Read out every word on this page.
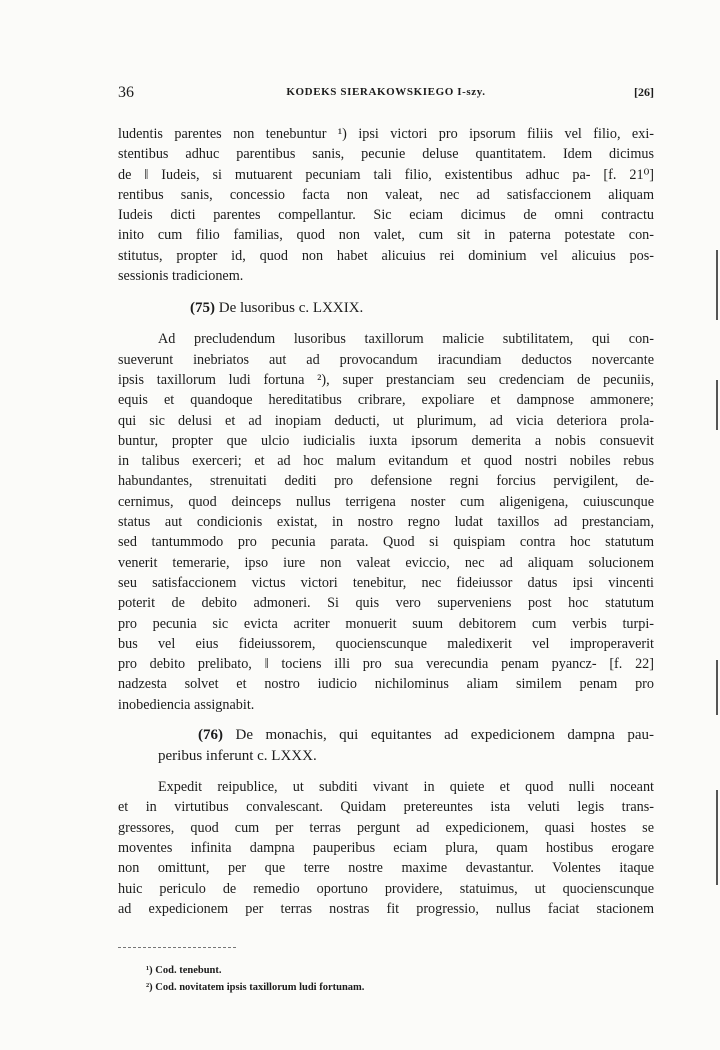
36	KODEKS SIERAKOWSKIEGO I-szy.	[26]
ludentis parentes non tenebuntur ¹) ipsi victori pro ipsorum filiis vel filio, exi-
stentibus adhuc parentibus sanis, pecunie deluse quantitatem. Idem dicimus
de ‖ Iudeis, si mutuarent pecuniam tali filio, existentibus adhuc pa- [f. 21⁰]
rentibus sanis, concessio facta non valeat, nec ad satisfaccionem aliquam
Iudeis dicti parentes compellantur. Sic eciam dicimus de omni contractu
inito cum filio familias, quod non valet, cum sit in paterna potestate con-
stitutus, propter id, quod non habet alicuius rei dominium vel alicuius pos-
sessionis tradicionem.
(75) De lusoribus c. LXXIX.
Ad precludendum lusoribus taxillorum malicie subtilitatem, qui con-
sueverunt inebriatos aut ad provocandum iracundiam deductos novercante
ipsis taxillorum ludi fortuna ²), super prestanciam seu credenciam de pecuniis,
equis et quandoque hereditatibus cribrare, expoliare et dampnose ammonere;
qui sic delusi et ad inopiam deducti, ut plurimum, ad vicia deteriora prola-
buntur, propter que ulcio iudicialis iuxta ipsorum demerita a nobis consuevit
in talibus exerceri; et ad hoc malum evitandum et quod nostri nobiles rebus
habundantes, strenuitati dediti pro defensione regni forcius pervigilent, de-
cernimus, quod deinceps nullus terrigena noster cum aligenigena, cuiuscunque
status aut condicionis existat, in nostro regno ludat taxillos ad prestanciam,
sed tantummodo pro pecunia parata. Quod si quispiam contra hoc statutum
venerit temerarie, ipso iure non valeat eviccio, nec ad aliquam solucionem
seu satisfaccionem victus victori tenebitur, nec fideiussor datus ipsi vincenti
poterit de debito admoneri. Si quis vero superveniens post hoc statutum
pro pecunia sic evicta acriter monuerit suum debitorem cum verbis turpi-
bus vel eius fideiussorem, quocienscunque maledixerit vel improperaverit
pro debito prelibato, ‖ tociens illi pro sua verecundia penam pyancz- [f. 22]
nadzesta solvet et nostro iudicio nichilominus aliam similem penam pro
inobediencia assignabit.
(76) De monachis, qui equitantes ad expedicionem dampna pau-
peribus inferunt c. LXXX.
Expedit reipublice, ut subditi vivant in quiete et quod nulli noceant
et in virtutibus convalescant. Quidam pretereuntes ista veluti legis trans-
gressores, quod cum per terras pergunt ad expedicionem, quasi hostes se
moventes infinita dampna pauperibus eciam plura, quam hostibus erogare
non omittunt, per que terre nostre maxime devastantur. Volentes itaque
huic periculo de remedio oportuno providere, statuimus, ut quocienscunque
ad expedicionem per terras nostras fit progressio, nullus faciat stacionem
¹) Cod. tenebunt.
²) Cod. novitatem ipsis taxillorum ludi fortunam.
